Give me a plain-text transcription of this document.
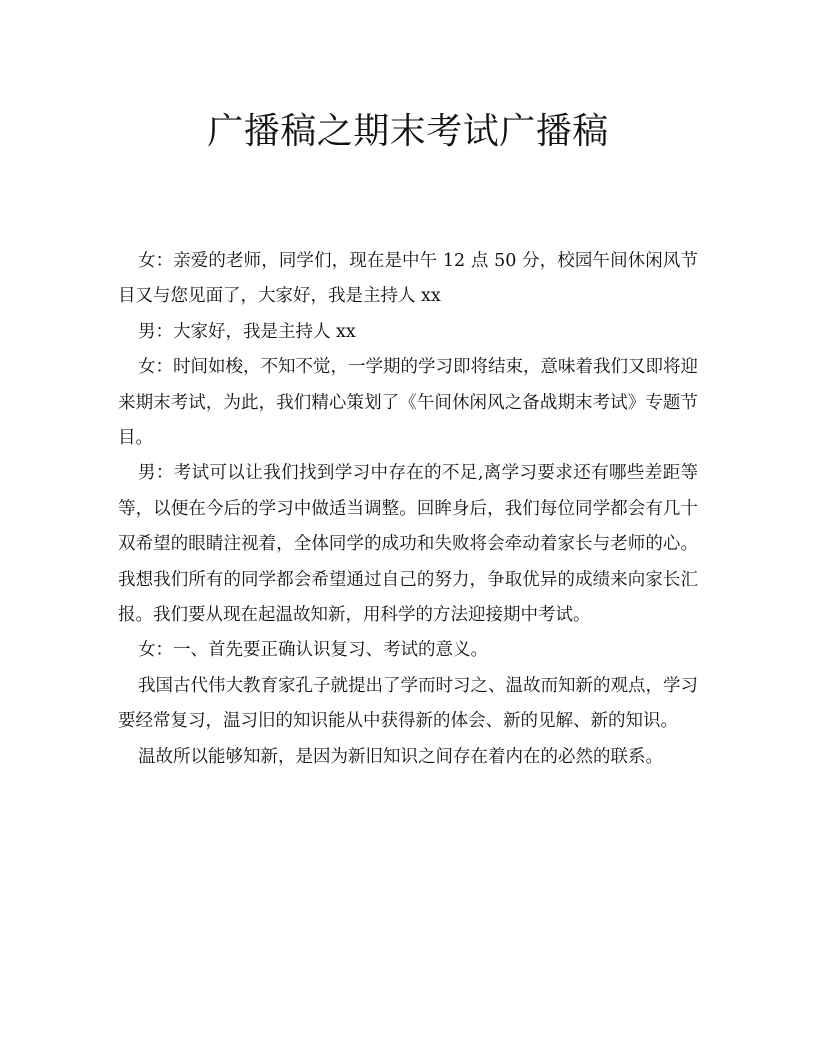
广播稿之期末考试广播稿

女：亲爱的老师，同学们，现在是中午 12 点 50 分，校园午间休闲风节目又与您见面了，大家好，我是主持人 xx

男：大家好，我是主持人 xx

女：时间如梭，不知不觉，一学期的学习即将结束，意味着我们又即将迎来期末考试，为此，我们精心策划了《午间休闲风之备战期末考试》专题节目。

男：考试可以让我们找到学习中存在的不足,离学习要求还有哪些差距等等，以便在今后的学习中做适当调整。回眸身后，我们每位同学都会有几十双希望的眼睛注视着，全体同学的成功和失败将会牵动着家长与老师的心。我想我们所有的同学都会希望通过自己的努力，争取优异的成绩来向家长汇报。我们要从现在起温故知新，用科学的方法迎接期中考试。

女：一、首先要正确认识复习、考试的意义。

我国古代伟大教育家孔子就提出了学而时习之、温故而知新的观点，学习要经常复习，温习旧的知识能从中获得新的体会、新的见解、新的知识。

温故所以能够知新，是因为新旧知识之间存在着内在的必然的联系。
